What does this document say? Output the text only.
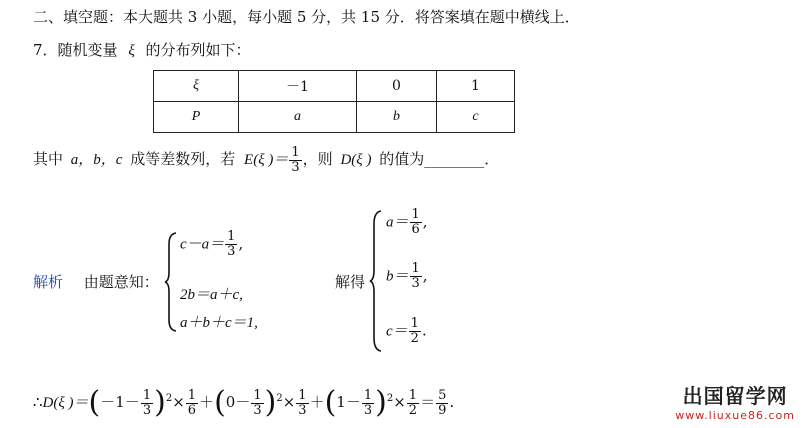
二、填空题：本大题共 3 小题，每小题 5 分，共 15 分．将答案填在题中横线上．
7．随机变量 ξ 的分布列如下：
ξ	－1	0	1
P	a	b	c
其中 a，b，c 成等差数列，若 E(ξ )＝ $\frac{1}{3}$ ，则 D(ξ ) 的值为________．
解析 由题意知：
$c-a= \frac{1}{3}$ ,
2b＝a＋c,
a＋b＋c＝1,
解得
$a= \frac{1}{6}$ ,
$b= \frac{1}{3}$ ,
$c= \frac{1}{2}$ .
∴D(ξ )$=(-1- \frac{1}{3} )^2\times \frac{1}{6} +(0- \frac{1}{3} )^2\times \frac{1}{3} +(1- \frac{1}{3} )^2\times \frac{1}{2} = \frac{5}{9}$ .	出国留学网
www.liuxue86.com
